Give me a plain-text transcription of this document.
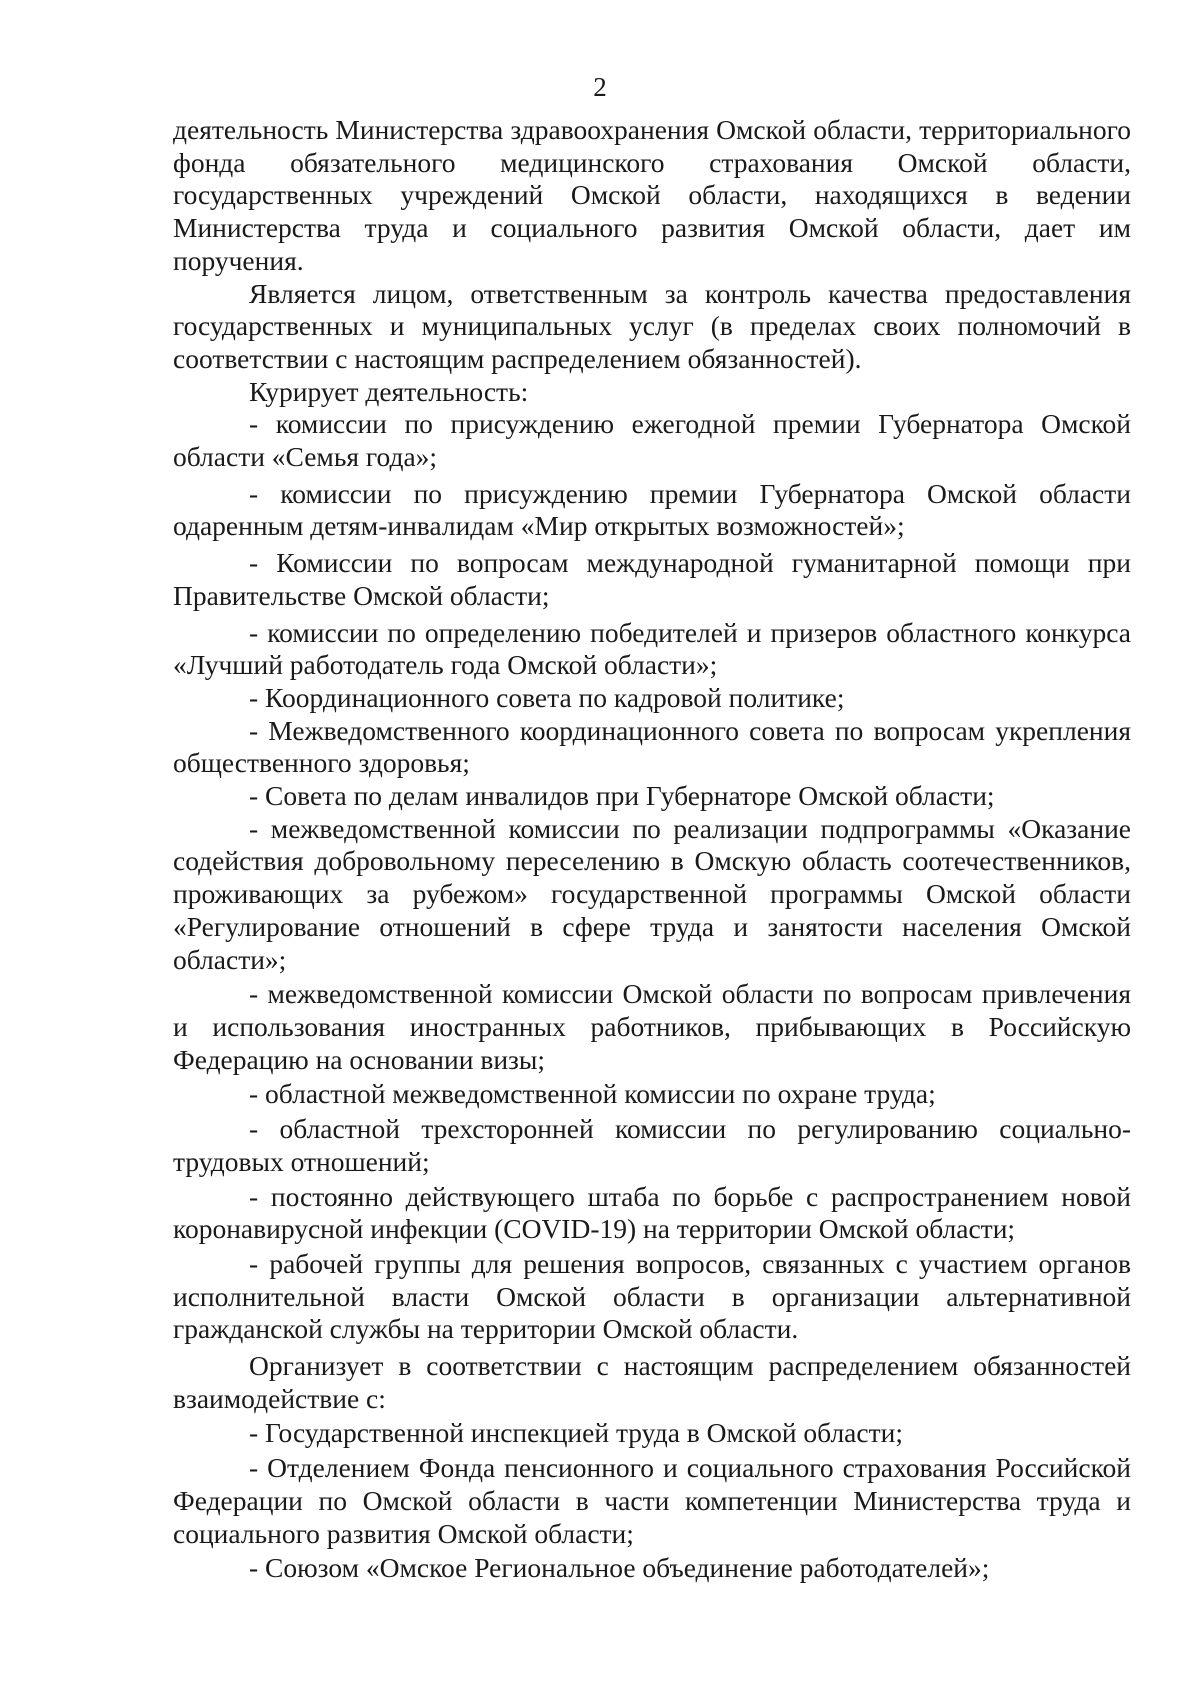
2

деятельность Министерства здравоохранения Омской области, территориального фонда обязательного медицинского страхования Омской области, государственных учреждений Омской области, находящихся в ведении Министерства труда и социального развития Омской области, дает им поручения.

Является лицом, ответственным за контроль качества предоставления государственных и муниципальных услуг (в пределах своих полномочий в соответствии с настоящим распределением обязанностей).

Курирует деятельность:

- комиссии по присуждению ежегодной премии Губернатора Омской области «Семья года»;

- комиссии по присуждению премии Губернатора Омской области одаренным детям-инвалидам «Мир открытых возможностей»;

- Комиссии по вопросам международной гуманитарной помощи при Правительстве Омской области;

- комиссии по определению победителей и призеров областного конкурса «Лучший работодатель года Омской области»;

- Координационного совета по кадровой политике;

- Межведомственного координационного совета по вопросам укрепления общественного здоровья;

- Совета по делам инвалидов при Губернаторе Омской области;

- межведомственной комиссии по реализации подпрограммы «Оказание содействия добровольному переселению в Омскую область соотечественников, проживающих за рубежом» государственной программы Омской области «Регулирование отношений в сфере труда и занятости населения Омской области»;

- межведомственной комиссии Омской области по вопросам привлечения и использования иностранных работников, прибывающих в Российскую Федерацию на основании визы;

- областной межведомственной комиссии по охране труда;

- областной трехсторонней комиссии по регулированию социально-трудовых отношений;

- постоянно действующего штаба по борьбе с распространением новой коронавирусной инфекции (COVID-19) на территории Омской области;

- рабочей группы для решения вопросов, связанных с участием органов исполнительной власти Омской области в организации альтернативной гражданской службы на территории Омской области.

Организует в соответствии с настоящим распределением обязанностей взаимодействие с:

- Государственной инспекцией труда в Омской области;

- Отделением Фонда пенсионного и социального страхования Российской Федерации по Омской области в части компетенции Министерства труда и социального развития Омской области;

- Союзом «Омское Региональное объединение работодателей»;
